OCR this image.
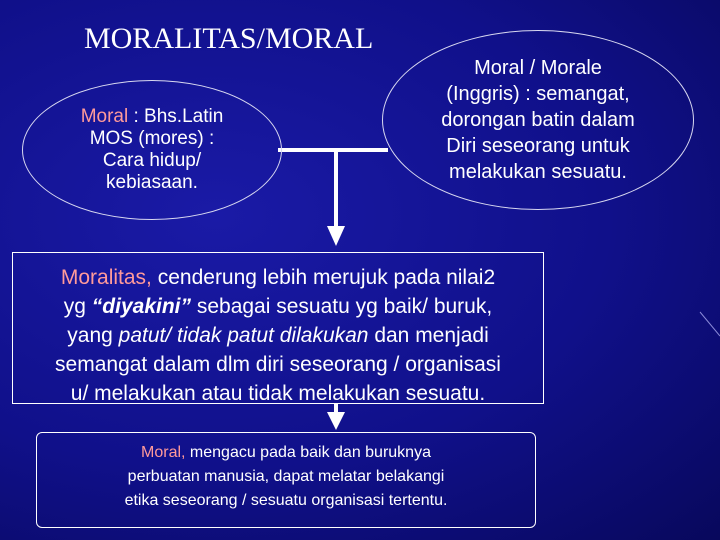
MORALITAS/MORAL
Moral : Bhs.Latin
MOS (mores) :
Cara hidup/
kebiasaan.
Moral / Morale
(Inggris) : semangat,
dorongan batin dalam
Diri seseorang untuk
melakukan sesuatu.
Moralitas, cenderung lebih merujuk pada nilai2
yg “diyakini” sebagai sesuatu yg baik/ buruk,
yang patut/ tidak patut dilakukan dan menjadi

semangat dalam dlm diri seseorang / organisasi
u/ melakukan atau tidak melakukan sesuatu.
Moral, mengacu pada baik dan buruknya
perbuatan manusia, dapat melatar belakangi
etika seseorang / sesuatu organisasi tertentu.
